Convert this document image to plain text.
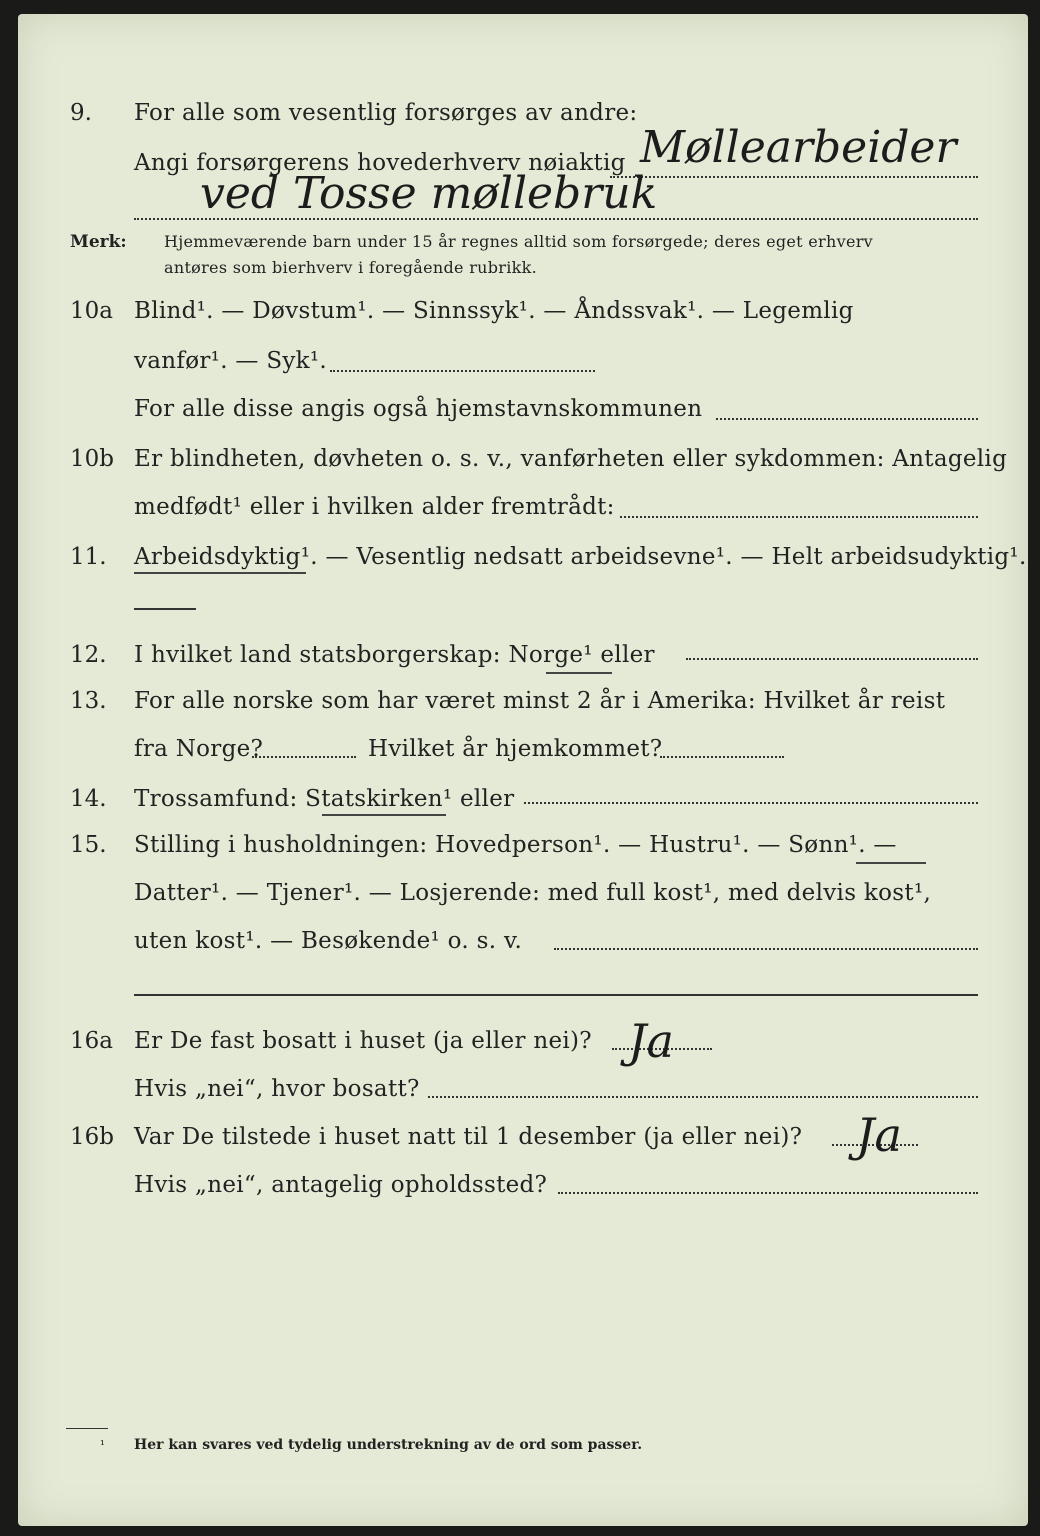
9. For alle som vesentlig forsørges av andre:
Angi forsørgerens hovederhverv nøiaktig Møllearbeider
ved Tosse møllebruk
Merk: Hjemmeværende barn under 15 år regnes alltid som forsørgede; deres eget erhverv
antøres som bierhverv i foregående rubrikk.
10a Blind¹. — Døvstum¹. — Sinnssyk¹. — Åndssvak¹. — Legemlig
vanfør¹. — Syk¹.
For alle disse angis også hjemstavnskommunen
10b Er blindheten, døvheten o. s. v., vanførheten eller sykdommen: Antagelig
medfødt¹ eller i hvilken alder fremtrådt:
11. Arbeidsdyktig¹. — Vesentlig nedsatt arbeidsevne¹. — Helt arbeidsudyktig¹.
12. I hvilket land statsborgerskap: Norge¹ eller
13. For alle norske som har været minst 2 år i Amerika: Hvilket år reist
fra Norge?	Hvilket år hjemkommet?
14. Trossamfund: Statskirken¹ eller
15. Stilling i husholdningen: Hovedperson¹. — Hustru¹. — Sønn¹. —
Datter¹. — Tjener¹. — Losjerende: med full kost¹, med delvis kost¹,
uten kost¹. — Besøkende¹ o. s. v.
16a Er De fast bosatt i huset (ja eller nei)? Ja
Hvis „nei“, hvor bosatt?
16b Var De tilstede i huset natt til 1 desember (ja eller nei)? Ja
Hvis „nei“, antagelig opholdssted?
¹ Her kan svares ved tydelig understrekning av de ord som passer.
